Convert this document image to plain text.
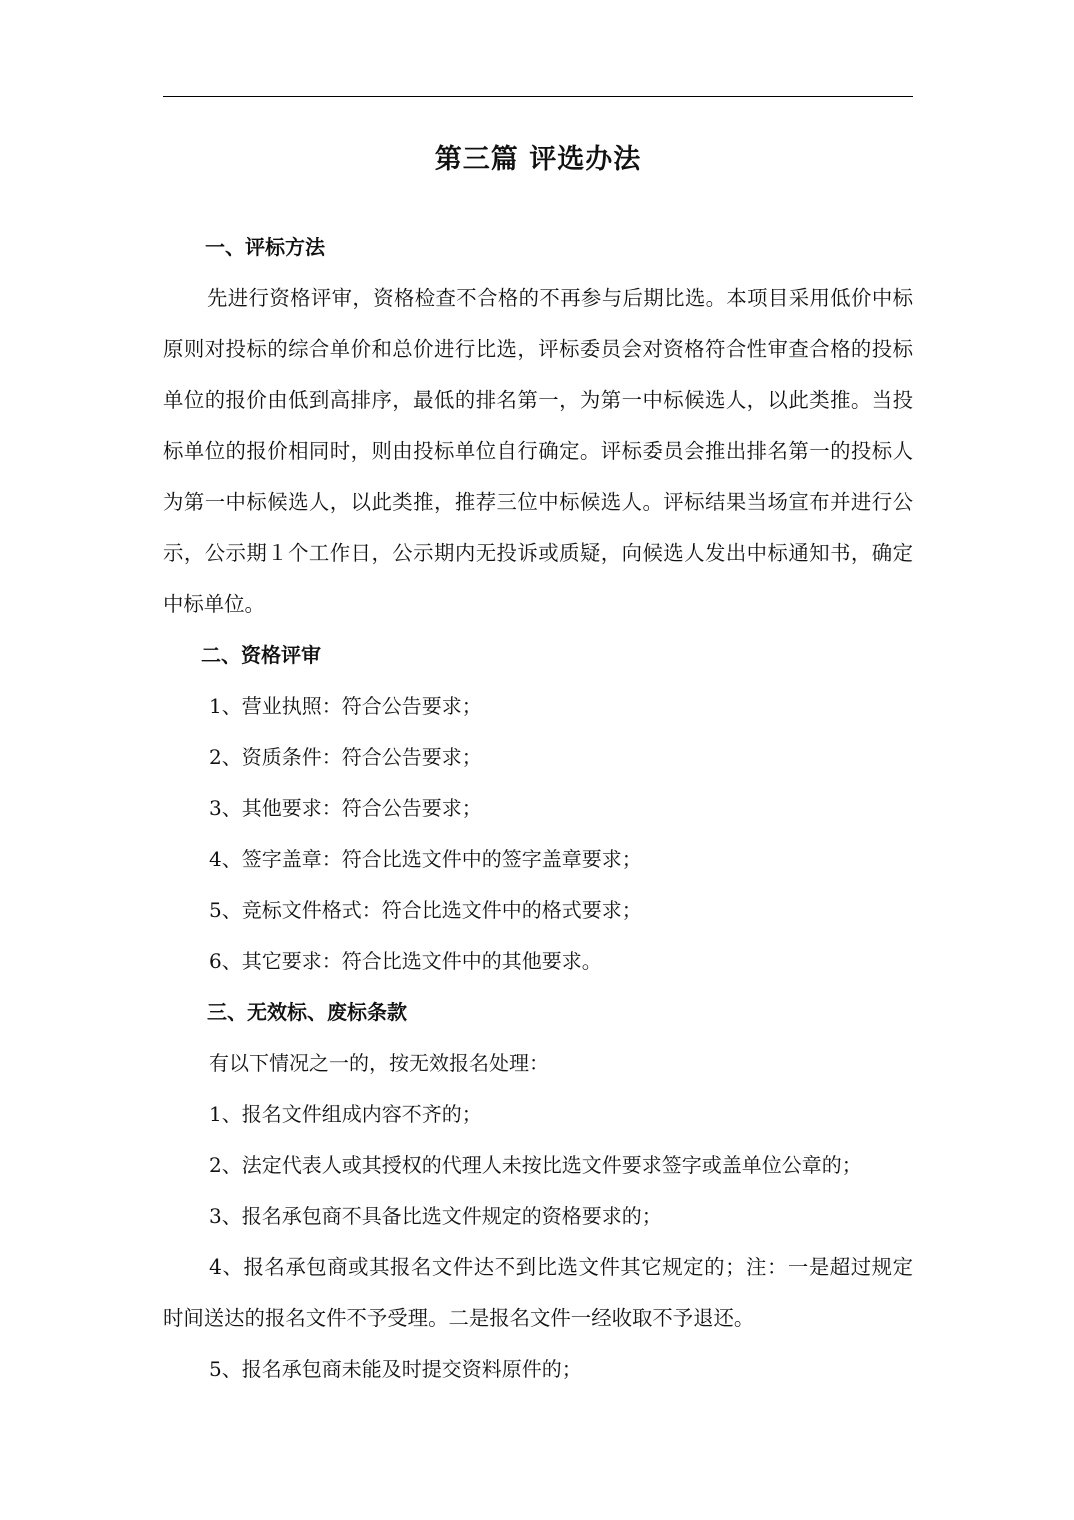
第三篇 评选办法
一、评标方法

先进行资格评审，资格检查不合格的不再参与后期比选。本项目采用低价中标原则对投标的综合单价和总价进行比选，评标委员会对资格符合性审查合格的投标单位的报价由低到高排序，最低的排名第一，为第一中标候选人，以此类推。当投标单位的报价相同时，则由投标单位自行确定。评标委员会推出排名第一的投标人为第一中标候选人，以此类推，推荐三位中标候选人。评标结果当场宣布并进行公示，公示期１个工作日，公示期内无投诉或质疑，向候选人发出中标通知书，确定中标单位。

二、资格评审

1、营业执照：符合公告要求；

2、资质条件：符合公告要求；

3、其他要求：符合公告要求；

4、签字盖章：符合比选文件中的签字盖章要求；

5、竞标文件格式：符合比选文件中的格式要求；

6、其它要求：符合比选文件中的其他要求。

三、无效标、废标条款

有以下情况之一的，按无效报名处理：

1、报名文件组成内容不齐的；

2、法定代表人或其授权的代理人未按比选文件要求签字或盖单位公章的；

3、报名承包商不具备比选文件规定的资格要求的；

4、报名承包商或其报名文件达不到比选文件其它规定的；注：一是超过规定时间送达的报名文件不予受理。二是报名文件一经收取不予退还。

5、报名承包商未能及时提交资料原件的；
